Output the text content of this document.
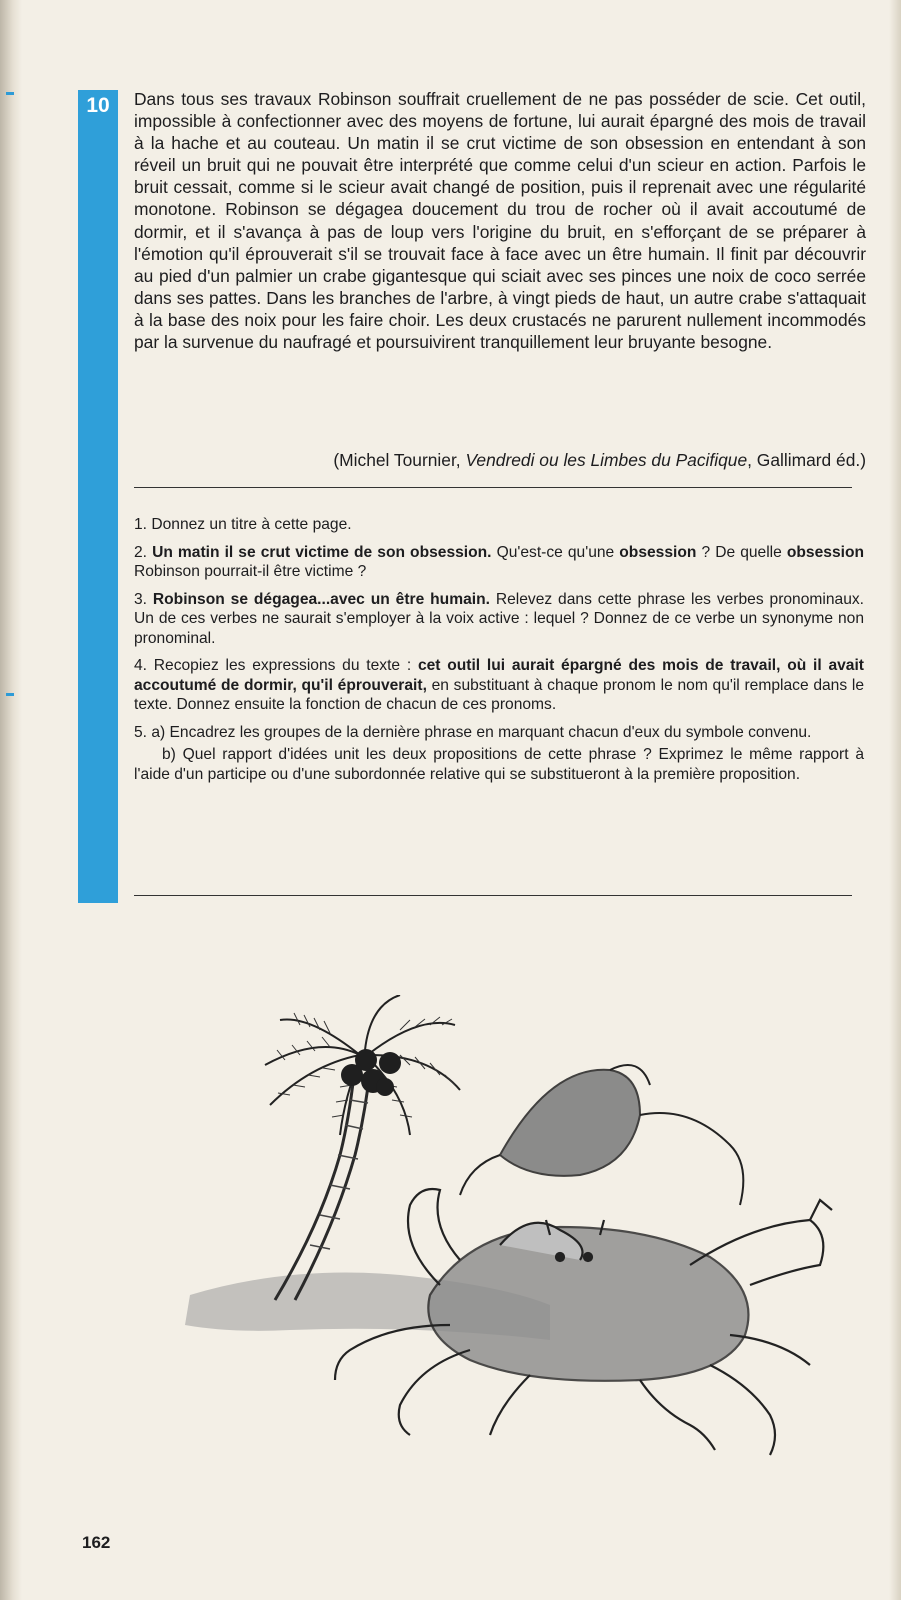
10	Dans tous ses travaux Robinson souffrait cruellement de ne pas posséder de scie. Cet outil, impossible à confectionner avec des moyens de fortune, lui aurait épargné des mois de travail à la hache et au couteau. Un matin il se crut victime de son obsession en entendant à son réveil un bruit qui ne pouvait être interprété que comme celui d'un scieur en action. Parfois le bruit cessait, comme si le scieur avait changé de position, puis il reprenait avec une régularité monotone. Robinson se dégagea doucement du trou de rocher où il avait accoutumé de dormir, et il s'avança à pas de loup vers l'origine du bruit, en s'efforçant de se préparer à l'émotion qu'il éprouverait s'il se trouvait face à face avec un être humain. Il finit par découvrir au pied d'un palmier un crabe gigantesque qui sciait avec ses pinces une noix de coco serrée dans ses pattes. Dans les branches de l'arbre, à vingt pieds de haut, un autre crabe s'attaquait à la base des noix pour les faire choir. Les deux crustacés ne parurent nullement incommodés par la survenue du naufragé et poursuivirent tranquillement leur bruyante besogne.

(Michel Tournier, Vendredi ou les Limbes du Pacifique, Gallimard éd.)

1. Donnez un titre à cette page.

2. Un matin il se crut victime de son obsession. Qu'est-ce qu'une obsession ? De quelle obsession Robinson pourrait-il être victime ?

3. Robinson se dégagea...avec un être humain. Relevez dans cette phrase les verbes pronominaux. Un de ces verbes ne saurait s'employer à la voix active : lequel ? Donnez de ce verbe un synonyme non pronominal.

4. Recopiez les expressions du texte : cet outil lui aurait épargné des mois de travail, où il avait accoutumé de dormir, qu'il éprouverait, en substituant à chaque pronom le nom qu'il remplace dans le texte. Donnez ensuite la fonction de chacun de ces pronoms.

5. a) Encadrez les groupes de la dernière phrase en marquant chacun d'eux du symbole convenu.

b) Quel rapport d'idées unit les deux propositions de cette phrase ? Exprimez le même rapport à l'aide d'un participe ou d'une subordonnée relative qui se substitueront à la première proposition.

162
